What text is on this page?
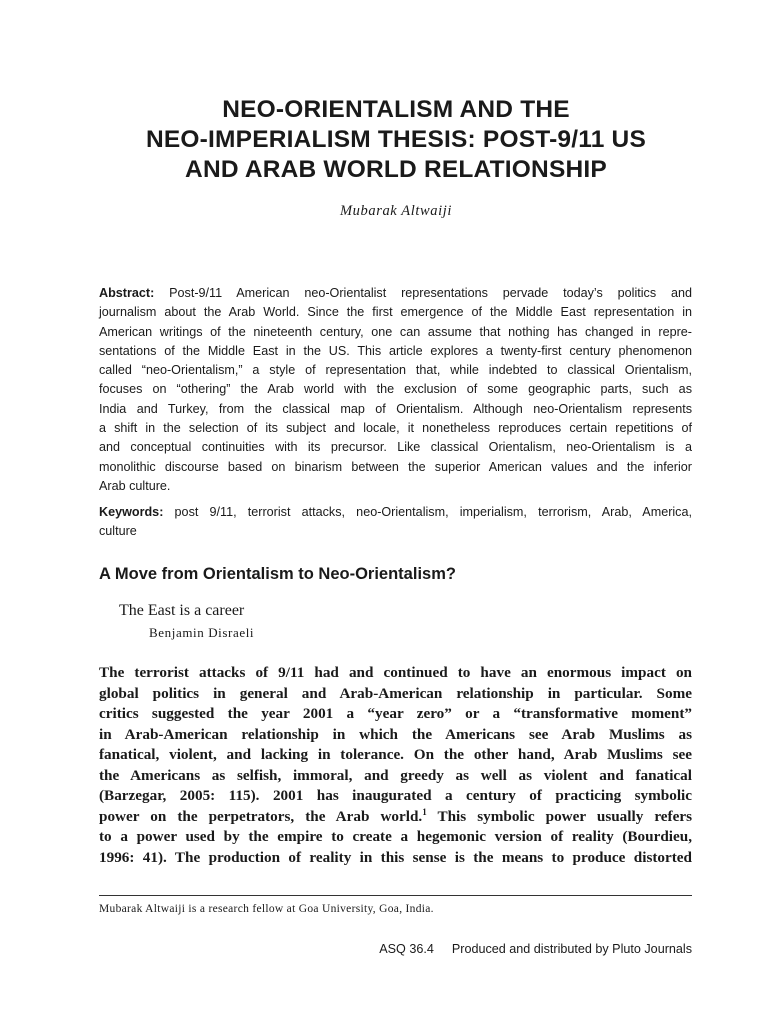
NEO-ORIENTALISM AND THE
NEO-IMPERIALISM THESIS: POST-9/11 US
AND ARAB WORLD RELATIONSHIP
Mubarak Altwaiji
Abstract: Post-9/11 American neo-Orientalist representations pervade today’s politics and
journalism about the Arab World. Since the first emergence of the Middle East representation in
American writings of the nineteenth century, one can assume that nothing has changed in repre-
sentations of the Middle East in the US. This article explores a twenty-first century phenomenon
called “neo-Orientalism,” a style of representation that, while indebted to classical Orientalism,
focuses on “othering” the Arab world with the exclusion of some geographic parts, such as
India and Turkey, from the classical map of Orientalism. Although neo-Orientalism represents
a shift in the selection of its subject and locale, it nonetheless reproduces certain repetitions of
and conceptual continuities with its precursor. Like classical Orientalism, neo-Orientalism is a
monolithic discourse based on binarism between the superior American values and the inferior
Arab culture.
Keywords: post 9/11, terrorist attacks, neo-Orientalism, imperialism, terrorism, Arab, America,
culture
A Move from Orientalism to Neo-Orientalism?
The East is a career
Benjamin Disraeli
The terrorist attacks of 9/11 had and continued to have an enormous impact on
global politics in general and Arab-American relationship in particular. Some
critics suggested the year 2001 a “year zero” or a “transformative moment”
in Arab-American relationship in which the Americans see Arab Muslims as
fanatical, violent, and lacking in tolerance. On the other hand, Arab Muslims see
the Americans as selfish, immoral, and greedy as well as violent and fanatical
(Barzegar, 2005: 115). 2001 has inaugurated a century of practicing symbolic
power on the perpetrators, the Arab world.$^1$ This symbolic power usually refers
to a power used by the empire to create a hegemonic version of reality (Bourdieu,
1996: 41). The production of reality in this sense is the means to produce distorted
Mubarak Altwaiji is a research fellow at Goa University, Goa, India.
ASQ 36.4 Produced and distributed by Pluto Journals
